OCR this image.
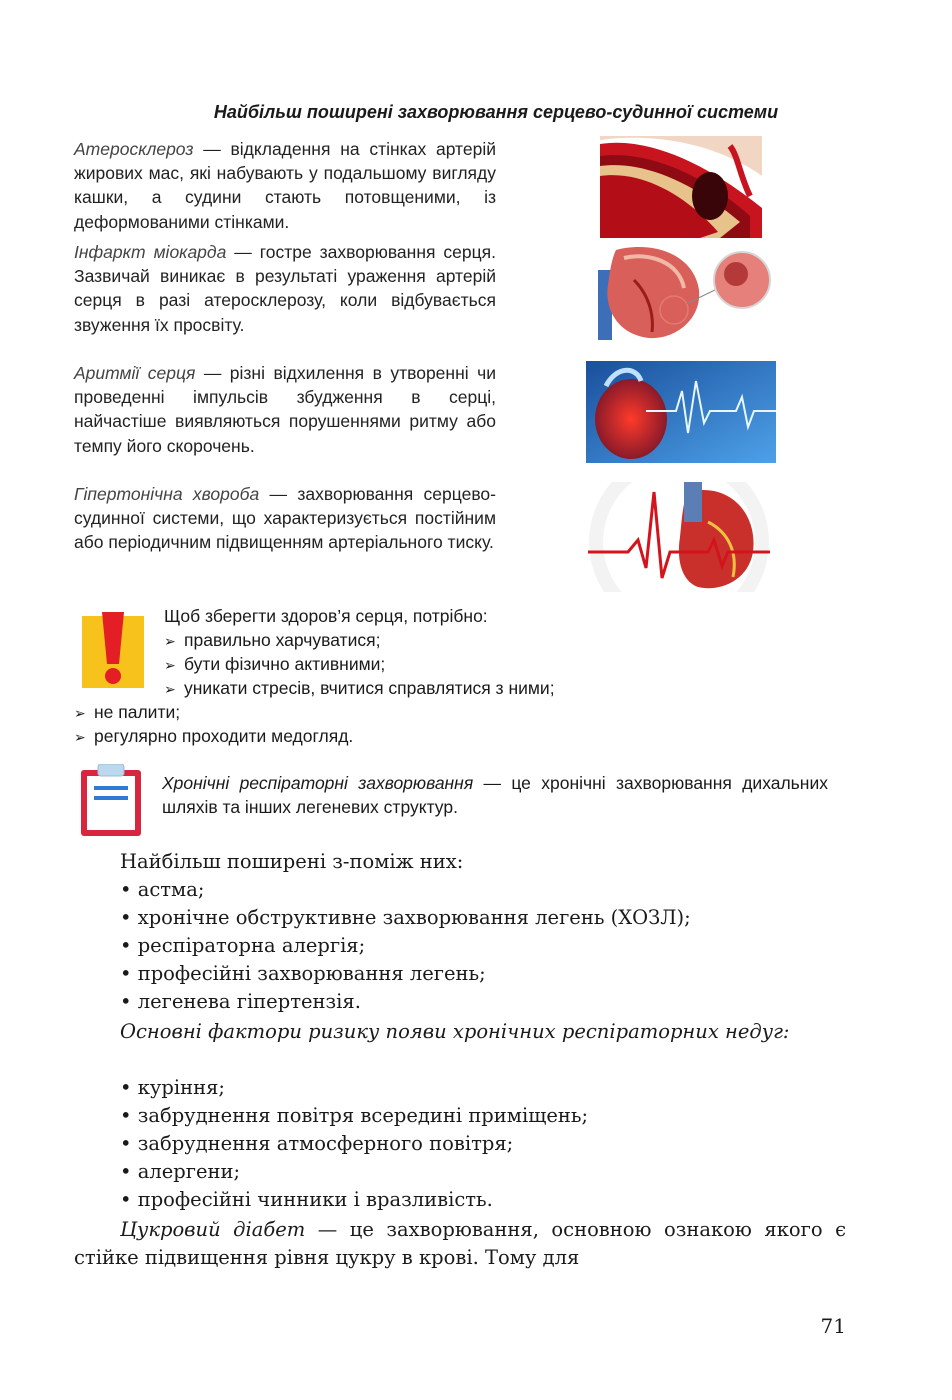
Найбільш поширені захворювання серцево-судинної системи
Атеросклероз — відкладення на стінках артерій жирових мас, які набувають у подальшому вигляду кашки, а судини стають потовщеними, із деформованими стінками.
Інфаркт міокарда — гостре захворювання серця. Зазвичай виникає в результаті ураження артерій серця в разі атеросклерозу, коли відбувається звуження їх просвіту.
Аритмії серця — різні відхилення в утворенні чи проведенні імпульсів збудження в серці, найчастіше виявляються порушеннями ритму або темпу його скорочень.
Гіпертонічна хвороба — захворювання серцево-судинної системи, що характеризується постійним або періодичним підвищенням артеріального тиску.
Щоб зберегти здоров’я серця, потрібно:
➢ правильно харчуватися;
➢ бути фізично активними;
➢ уникати стресів, вчитися справлятися з ними;
➢ не палити;
➢ регулярно проходити медогляд.
Хронічні респіраторні захворювання — це хронічні захворювання дихальних шляхів та інших легеневих структур.
Найбільш поширені з-поміж них:
• астма;
• хронічне обструктивне захворювання легень (ХОЗЛ);
• респіраторна алергія;
• професійні захворювання легень;
• легенева гіпертензія.
Основні фактори ризику появи хронічних респіраторних недуг:
• куріння;
• забруднення повітря всередині приміщень;
• забруднення атмосферного повітря;
• алергени;
• професійні чинники і вразливість.
Цукровий діабет — це захворювання, основною ознакою якого є стійке підвищення рівня цукру в крові. Тому для
71
